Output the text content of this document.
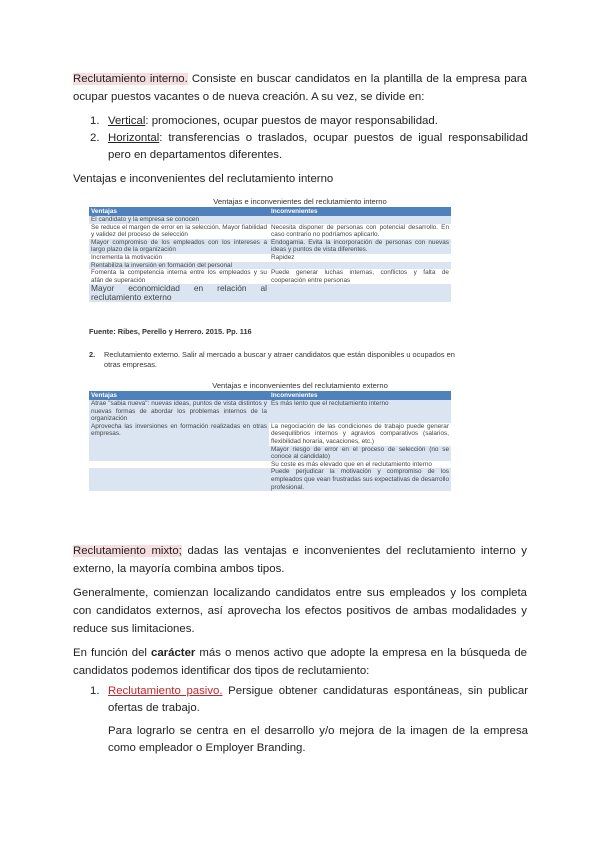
Reclutamiento interno. Consiste en buscar candidatos en la plantilla de la empresa para ocupar puestos vacantes o de nueva creación. A su vez, se divide en:
1. Vertical: promociones, ocupar puestos de mayor responsabilidad.
2. Horizontal: transferencias o traslados, ocupar puestos de igual responsabilidad pero en departamentos diferentes.
Ventajas e inconvenientes del reclutamiento interno
Ventajas e inconvenientes del reclutamiento interno
Ventajas	Inconvenientes
El candidato y la empresa se conocen	
Se reduce el margen de error en la selección. Mayor fiabilidad y validez del proceso de selección	Necesita disponer de personas con potencial desarrollo. En caso contrario no podríamos aplicarlo.
Mayor compromiso de los empleados con los intereses a largo plazo de la organización	Endogamia. Evita la incorporación de personas con nuevas ideas y puntos de vista diferentes.
Incrementa la motivación	Rapidez
Rentabiliza la inversión en formación del personal	
Fomenta la competencia interna entre los empleados y su afán de superación	Puede generar luchas internas, conflictos y falta de cooperación entre personas
Mayor economicidad en relación al reclutamiento externo	
Fuente: Ribes, Perello y Herrero. 2015. Pp. 116
2. Reclutamiento externo. Salir al mercado a buscar y atraer candidatos que están disponibles u ocupados en otras empresas.
Ventajas e inconvenientes del reclutamiento externo
Ventajas	Inconvenientes
Atrae "sabia nueva": nuevas ideas, puntos de vista distintos y nuevas formas de abordar los problemas internos de la organización	Es más lento que el reclutamiento interno
Aprovecha las inversiones en formación realizadas en otras empresas.	La negociación de las condiciones de trabajo puede generar desequilibrios internos y agravios comparativos (salarios, flexibilidad horaria, vacaciones, etc.)
	Mayor riesgo de error en el proceso de selección (no se conoce al candidato)
	Su coste es más elevado que en el reclutamiento interno
	Puede perjudicar la motivación y compromiso de los empleados que vean frustradas sus expectativas de desarrollo profesional.
Reclutamiento mixto; dadas las ventajas e inconvenientes del reclutamiento interno y externo, la mayoría combina ambos tipos.
Generalmente, comienzan localizando candidatos entre sus empleados y los completa con candidatos externos, así aprovecha los efectos positivos de ambas modalidades y reduce sus limitaciones.
En función del carácter más o menos activo que adopte la empresa en la búsqueda de candidatos podemos identificar dos tipos de reclutamiento:
1. Reclutamiento pasivo. Persigue obtener candidaturas espontáneas, sin publicar ofertas de trabajo.
Para lograrlo se centra en el desarrollo y/o mejora de la imagen de la empresa como empleador o Employer Branding.
